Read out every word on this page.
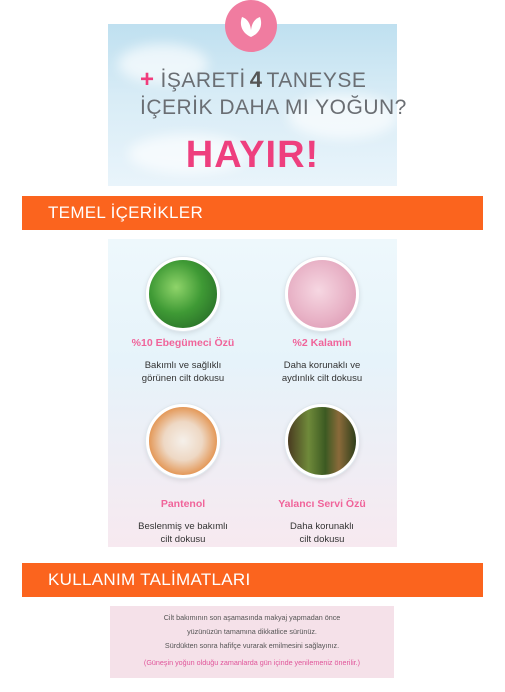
+ İŞARETİ 4 TANEYSE
İÇERİK DAHA MI YOĞUN?
HAYIR!
TEMEL İÇERİKLER
%10 Ebegümeci Özü
Bakımlı ve sağlıklı
görünen cilt dokusu
%2 Kalamin
Daha korunaklı ve
aydınlık cilt dokusu
Pantenol
Beslenmiş ve bakımlı
cilt dokusu
Yalancı Servi Özü
Daha korunaklı
cilt dokusu
KULLANIM TALİMATLARI

Cilt bakımının son aşamasında makyaj yapmadan önce

yüzünüzün tamamına dikkatlice sürünüz.

Sürdükten sonra hafifçe vurarak emilmesini sağlayınız.

(Güneşin yoğun olduğu zamanlarda gün içinde yenilemeniz önerilir.)
